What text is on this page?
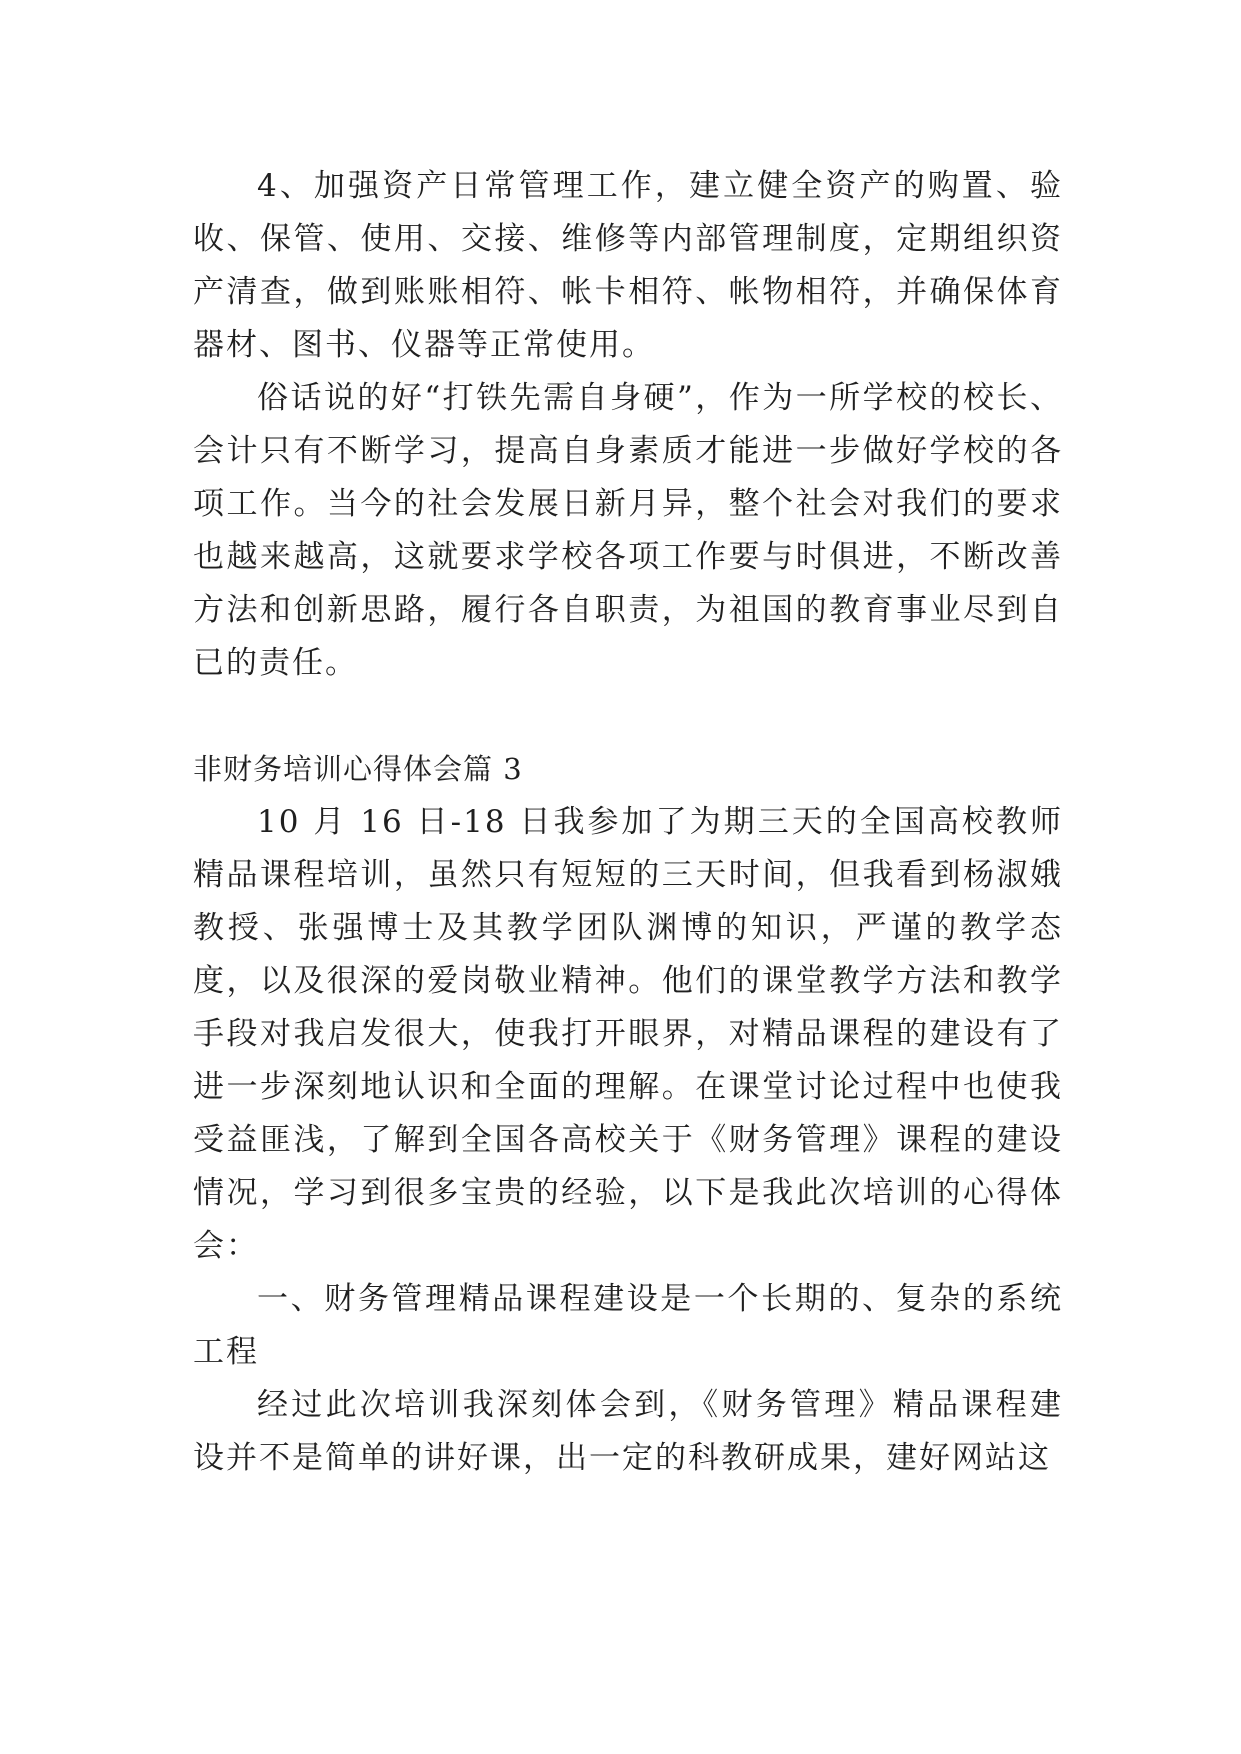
4、加强资产日常管理工作，建立健全资产的购置、验收、保管、使用、交接、维修等内部管理制度，定期组织资产清查，做到账账相符、帐卡相符、帐物相符，并确保体育器材、图书、仪器等正常使用。

俗话说的好“打铁先需自身硬”，作为一所学校的校长、会计只有不断学习，提高自身素质才能进一步做好学校的各项工作。当今的社会发展日新月异，整个社会对我们的要求也越来越高，这就要求学校各项工作要与时俱进，不断改善方法和创新思路，履行各自职责，为祖国的教育事业尽到自已的责任。

非财务培训心得体会篇 3

10 月 16 日-18 日我参加了为期三天的全国高校教师精品课程培训，虽然只有短短的三天时间，但我看到杨淑娥教授、张强博士及其教学团队渊博的知识，严谨的教学态度，以及很深的爱岗敬业精神。他们的课堂教学方法和教学手段对我启发很大，使我打开眼界，对精品课程的建设有了进一步深刻地认识和全面的理解。在课堂讨论过程中也使我受益匪浅，了解到全国各高校关于《财务管理》课程的建设情况，学习到很多宝贵的经验，以下是我此次培训的心得体会：

一、财务管理精品课程建设是一个长期的、复杂的系统工程

经过此次培训我深刻体会到，《财务管理》精品课程建设并不是简单的讲好课，出一定的科教研成果，建好网站这
